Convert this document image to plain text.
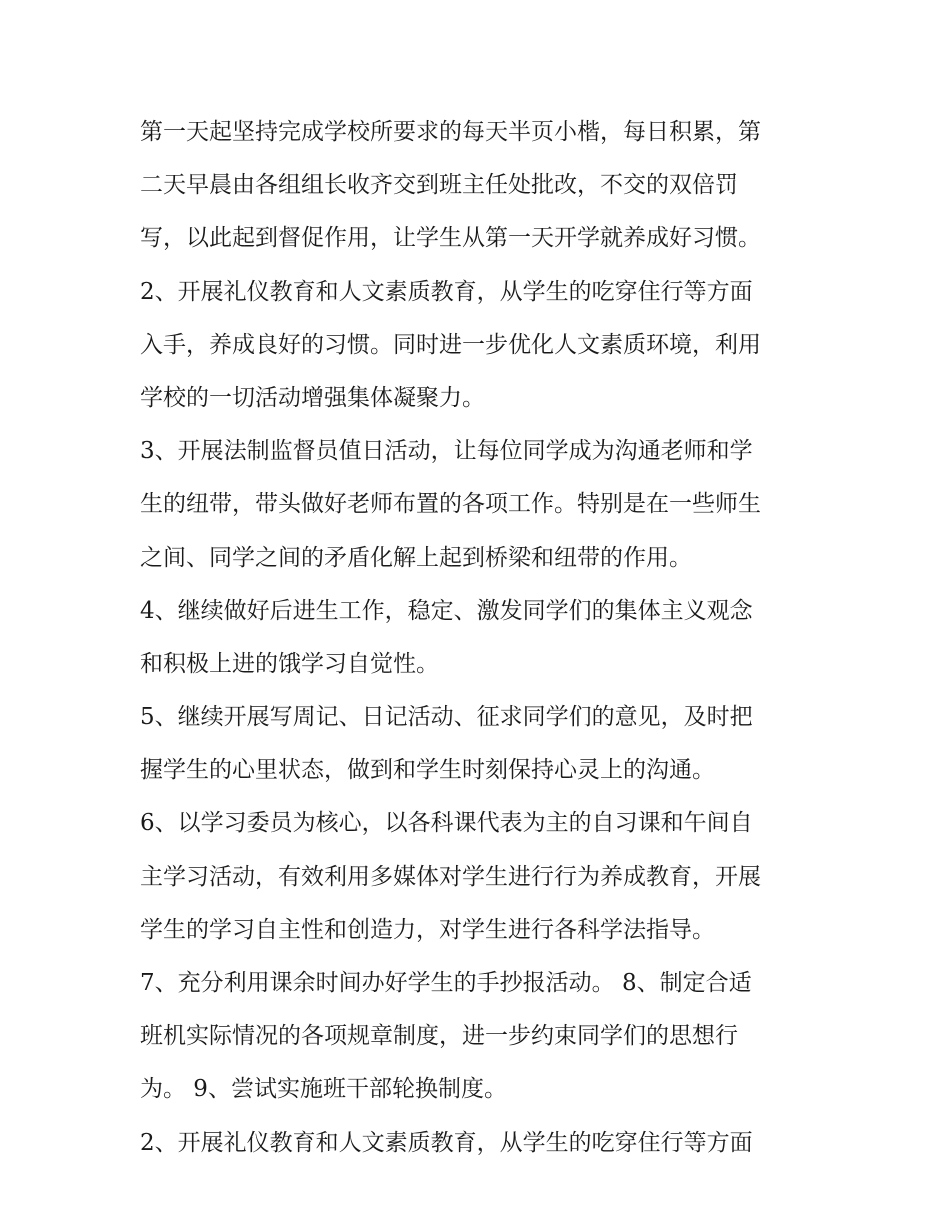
第一天起坚持完成学校所要求的每天半页小楷，每日积累，第
二天早晨由各组组长收齐交到班主任处批改，不交的双倍罚
写，以此起到督促作用，让学生从第一天开学就养成好习惯。
2、开展礼仪教育和人文素质教育，从学生的吃穿住行等方面
入手，养成良好的习惯。同时进一步优化人文素质环境，利用
学校的一切活动增强集体凝聚力。
3、开展法制监督员值日活动，让每位同学成为沟通老师和学
生的纽带，带头做好老师布置的各项工作。特别是在一些师生
之间、同学之间的矛盾化解上起到桥梁和纽带的作用。
4、继续做好后进生工作，稳定、激发同学们的集体主义观念
和积极上进的饿学习自觉性。
5、继续开展写周记、日记活动、征求同学们的意见，及时把
握学生的心里状态，做到和学生时刻保持心灵上的沟通。
6、以学习委员为核心，以各科课代表为主的自习课和午间自
主学习活动，有效利用多媒体对学生进行行为养成教育，开展
学生的学习自主性和创造力，对学生进行各科学法指导。
7、充分利用课余时间办好学生的手抄报活动。 8、制定合适
班机实际情况的各项规章制度，进一步约束同学们的思想行
为。 9、尝试实施班干部轮换制度。
2、开展礼仪教育和人文素质教育，从学生的吃穿住行等方面
